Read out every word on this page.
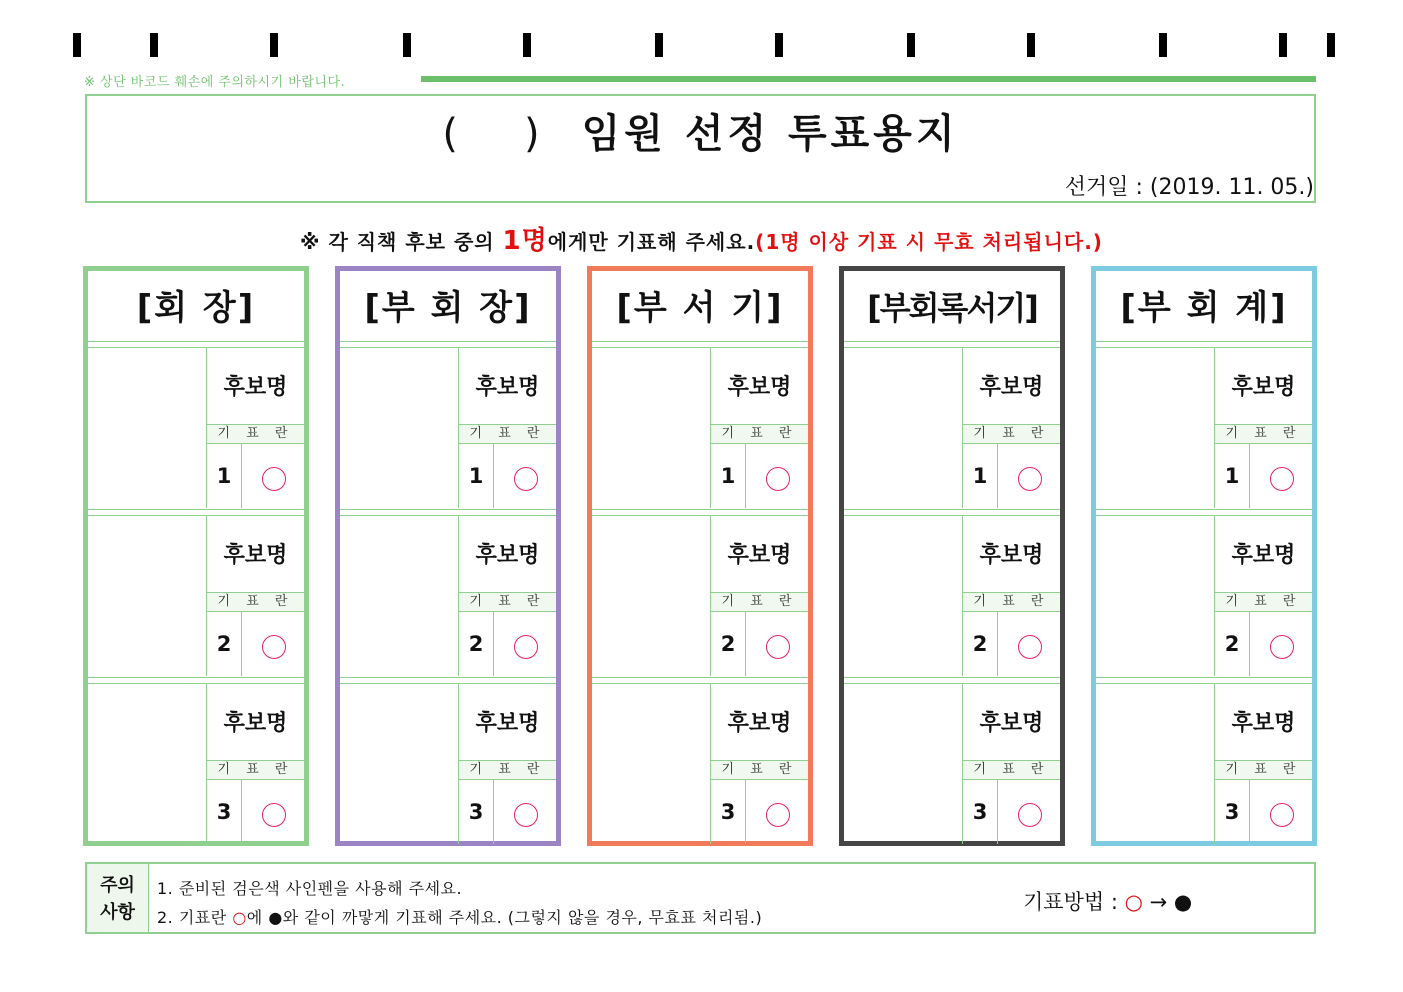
※ 상단 바코드 훼손에 주의하시기 바랍니다.
( ) 임원 선정 투표용지
선거일 : (2019. 11. 05.)
※ 각 직책 후보 중의 1명에게만 기표해 주세요.(1명 이상 기표 시 무효 처리됩니다.)
[회 장]
후보명
기 표 란
1
후보명
기 표 란
2
후보명
기 표 란
3
[부 회 장]
후보명
기 표 란
1
후보명
기 표 란
2
후보명
기 표 란
3
[부 서 기]
후보명
기 표 란
1
후보명
기 표 란
2
후보명
기 표 란
3
[부회록서기]
후보명
기 표 란
1
후보명
기 표 란
2
후보명
기 표 란
3
[부 회 계]
후보명
기 표 란
1
후보명
기 표 란
2
후보명
기 표 란
3
주의
사항
1. 준비된 검은색 사인펜을 사용해 주세요.
2. 기표란 ○에 ●와 같이 까맣게 기표해 주세요. (그렇지 않을 경우, 무효표 처리됨.)
기표방법 : ○ → ●
